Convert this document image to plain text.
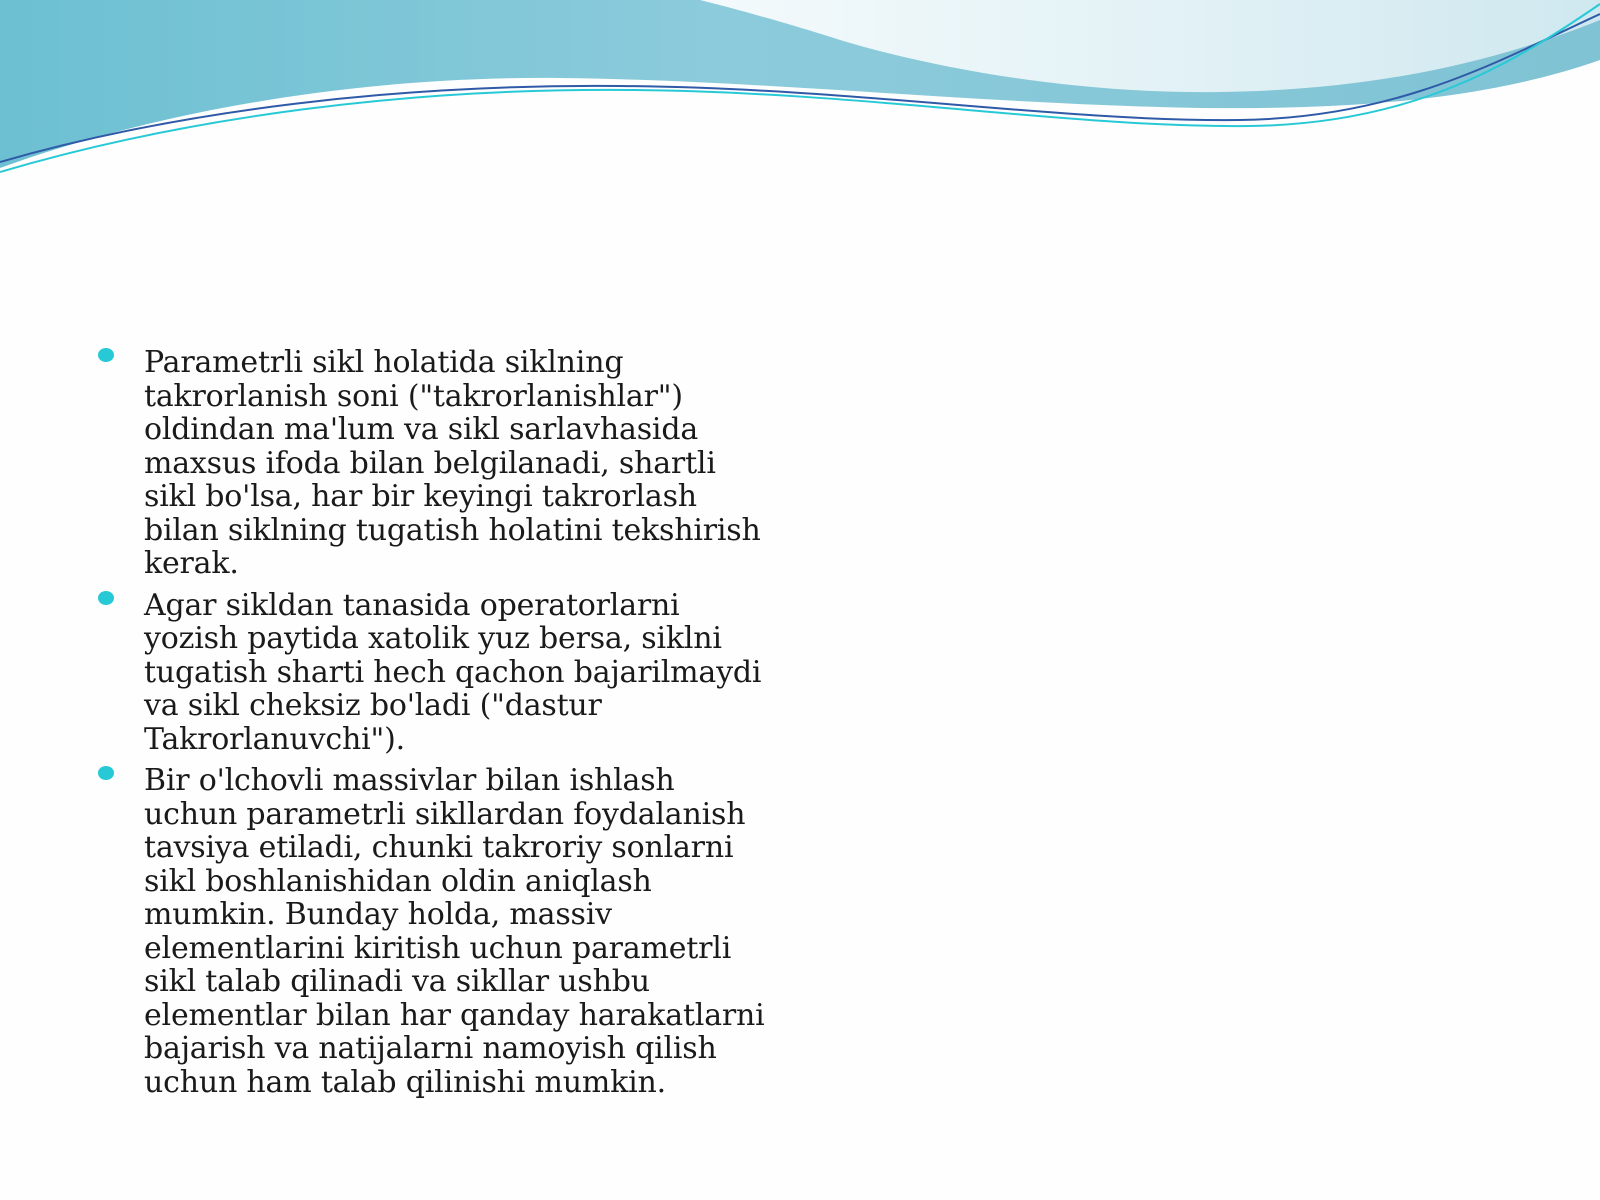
Parametrli sikl holatida siklning
takrorlanish soni ("takrorlanishlar")
oldindan ma'lum va sikl sarlavhasida
maxsus ifoda bilan belgilanadi, shartli
sikl bo'lsa, har bir keyingi takrorlash
bilan siklning tugatish holatini tekshirish
kerak.
Agar sikldan tanasida operatorlarni
yozish paytida xatolik yuz bersa, siklni
tugatish sharti hech qachon bajarilmaydi
va sikl cheksiz bo'ladi ("dastur
Takrorlanuvchi").
Bir o'lchovli massivlar bilan ishlash
uchun parametrli sikllardan foydalanish
tavsiya etiladi, chunki takroriy sonlarni
sikl boshlanishidan oldin aniqlash
mumkin. Bunday holda, massiv
elementlarini kiritish uchun parametrli
sikl talab qilinadi va sikllar ushbu
elementlar bilan har qanday harakatlarni
bajarish va natijalarni namoyish qilish
uchun ham talab qilinishi mumkin.
